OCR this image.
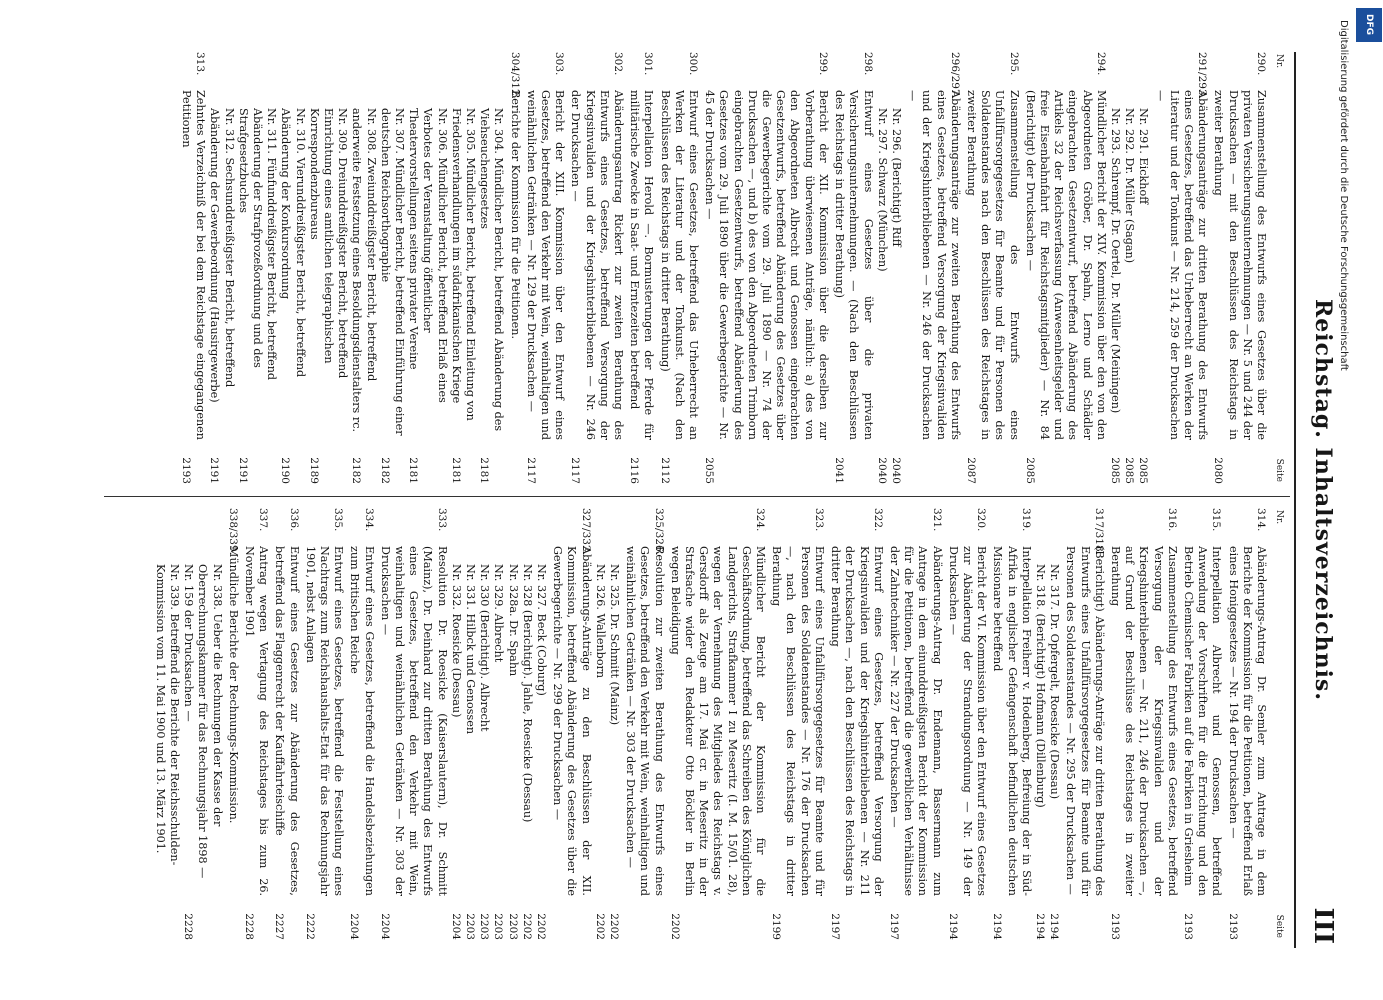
Reichstag. Inhaltsverzeichnis.
III
Nr.
Seite
290.
Zusammenstellung des Entwurfs eines Gesetzes über die privaten Versicherungsunternehmungen — Nr. 5 und 244 der Drucksachen — mit den Beschlüssen des Reichstags in zweiter Berathung
2080
291/293.
Abänderungsanträge zur dritten Berathung des Entwurfs eines Gesetzes, betreffend das Urheberrecht an Werken der Literatur und der Tonkunst — Nr. 214, 259 der Drucksachen —
Nr. 291. Eickhoff
2085
Nr. 292. Dr. Müller (Sagan)
2085
Nr. 293. Schrempf, Dr. Oertel, Dr. Müller (Meiningen)
2085
294.
Mündlicher Bericht der XIV. Kommission über den von den Abgeordneten Gröber, Dr. Spahn, Lerno und Schädler eingebrachten Gesetzentwurf, betreffend Abänderung des Artikels 32 der Reichsverfassung (Anwesenheitsgelder und freie Eisenbahnfahrt für Reichstagsmitglieder) — Nr. 84 (Berichtigt) der Drucksachen —
2085
295.
Zusammenstellung des Entwurfs eines Unfallfürsorgegesetzes für Beamte und für Personen des Soldatenstandes nach den Beschlüssen des Reichstages in zweiter Berathung
2087
296/297.
Abänderungsanträge zur zweiten Berathung des Entwurfs eines Gesetzes, betreffend Versorgung der Kriegsinvaliden und der Kriegshinterbliebenen — Nr. 246 der Drucksachen —
Nr. 296. (Berichtigt) Riff
2040
Nr. 297. Schwarz (München)
2040
298.
Entwurf eines Gesetzes über die privaten Versicherungsunternehmungen. — (Nach den Beschlüssen des Reichstags in dritter Berathung)
2041
299.
Bericht der XII. Kommission über die derselben zur Vorberathung überwiesenen Anträge, nämlich: a) des von den Abgeordneten Albrecht und Genossen eingebrachten Gesetzentwurfs, betreffend Abänderung des Gesetzes über die Gewerbegerichte vom 29. Juli 1890 — Nr. 74 der Drucksachen —, und b) des von den Abgeordneten Trimborn eingebrachten Gesetzentwurfs, betreffend Abänderung des Gesetzes vom 29. Juli 1890 über die Gewerbegerichte — Nr. 45 der Drucksachen —
2055
300.
Entwurf eines Gesetzes, betreffend das Urheberrecht an Werken der Literatur und der Tonkunst. (Nach den Beschlüssen des Reichstags in dritter Berathung)
2112
301.
Interpellation Herold —. Bormusterungen der Pferde für militärische Zwecke in Saat- und Erntezeiten betreffend
2116
302.
Abänderungsantrag Rickert zur zweiten Berathung des Entwurfs eines Gesetzes, betreffend Versorgung der Kriegsinvaliden und der Kriegshinterbliebenen — Nr. 246 der Drucksachen —
2117
303.
Bericht der XIII. Kommission über den Entwurf eines Gesetzes, betreffend den Verkehr mit Wein, weinhaltigen und weinähnlichen Getränken — Nr. 129 der Drucksachen —
2117
304/312.
Berichte der Kommission für die Petitionen.
Nr. 304. Mündlicher Bericht, betreffend Abänderung des Viehseuchengesetzes
2181
Nr. 305. Mündlicher Bericht, betreffend Einleitung von Friedensverhandlungen im südafrikanischen Kriege
2181
Nr. 306. Mündlicher Bericht, betreffend Erlaß eines Verbotes der Veranstaltung öffentlicher Theatervorstellungen seitens privater Vereine
2181
Nr. 307. Mündlicher Bericht, betreffend Einführung einer deutschen Reichsorthographie
2182
Nr. 308. Zweiunddreißigster Bericht, betreffend anderweite Festsetzung eines Besoldungsdienstalters rc.
2182
Nr. 309. Dreiunddreißigster Bericht, betreffend Einrichtung eines amtlichen telegraphischen Korrespondenzbureaus
2189
Nr. 310. Vierunddreißigster Bericht, betreffend Abänderung der Konkursordnung
2190
Nr. 311. Fünfunddreißigster Bericht, betreffend Abänderung der Strafprozeßordnung und des Strafgesetzbuches
2191
Nr. 312. Sechsunddreißigster Bericht, betreffend Abänderung der Gewerbeordnung (Hausirgewerbe)
2191
313.
Zehntes Verzeichniß der bei dem Reichstage eingegangenen Petitionen
2193
Nr.
Seite
314.
Abänderungs-Antrag Dr. Semler zum Antrage in dem Berichte der Kommission für die Petitionen, betreffend Erlaß eines Honiggesetzes — Nr. 194 der Drucksachen —
2193
315.
Interpellation Albrecht und Genossen, betreffend Anwendung der Vorschriften für die Errichtung und den Betrieb Chemischer Fabriken auf die Fabriken in Griesheim
2193
316.
Zusammenstellung des Entwurfs eines Gesetzes, betreffend Versorgung der Kriegsinvaliden und der Kriegshinterbliebenen — Nr. 211, 246 der Drucksachen —, auf Grund der Beschlüsse des Reichstages in zweiter Berathung
2193
317/318.
(Berichtigt) Abänderungs-Anträge zur dritten Berathung des Entwurfs eines Unfallfürsorgegesetzes für Beamte und für Personen des Soldatenstandes — Nr. 295 der Drucksachen —
Nr. 317. Dr. Opfergelt, Roesicke (Dessau)
2194
Nr. 318. (Berichtigt) Hofmann (Dillenburg)
2194
319.
Interpellation Freiherr v. Hodenberg, Befreiung der in Süd-Afrika in englischer Gefangenschaft befindlichen deutschen Missionare betreffend
2194
320.
Bericht der VI. Kommission über den Entwurf eines Gesetzes zur Abänderung der Strandungsordnung — Nr. 149 der Drucksachen —
2194
321.
Abänderungs-Antrag Dr. Endemann, Bassermann zum Antrage in dem einunddreißigsten Bericht der Kommission für die Petitionen, betreffend die gewerblichen Verhältnisse der Zahntechniker — Nr. 227 der Drucksachen —
2197
322.
Entwurf eines Gesetzes, betreffend Versorgung der Kriegsinvaliden und der Kriegshinterbliebenen — Nr. 211 der Drucksachen —, nach den Beschlüssen des Reichstags in dritter Berathung
2197
323.
Entwurf eines Unfallfürsorgegesetzes für Beamte und für Personen des Soldatenstandes — Nr. 176 der Drucksachen —, nach den Beschlüssen des Reichstags in dritter Berathung
2199
324.
Mündlicher Bericht der Kommission für die Geschäftsordnung, betreffend das Schreiben des Königlichen Landgerichts, Strafkammer I zu Meseritz (I. M. 15/01. 28), wegen der Vernehmung des Mitgliedes des Reichstags v. Gersdorff als Zeuge am 17. Mai cr. in Meseritz in der Strafsache wider den Redakteur Otto Böckler in Berlin wegen Beleidigung
2202
325/326.
Resolution zur zweiten Berathung des Entwurfs eines Gesetzes, betreffend den Verkehr mit Wein, weinhaltigen und weinähnlichen Getränken — Nr. 303 der Drucksachen —
Nr. 325. Dr. Schmitt (Mainz)
2202
Nr. 326. Wallenborn
2202
327/332.
Abänderungs-Anträge zu den Beschlüssen der XII. Kommission, betreffend Abänderung des Gesetzes über die Gewerbegerichte — Nr. 299 der Drucksachen —
Nr. 327. Beck (Coburg)
2202
Nr. 328 (Berichtigt). Jahle, Roesicke (Dessau)
2202
Nr. 328a. Dr. Spahn
2203
Nr. 329. Albrecht
2203
Nr. 330 (Berichtigt). Albrecht
2203
Nr. 331. Hilbck und Genossen
2203
Nr. 332. Roesicke (Dessau)
2204
333.
Resolution Dr. Roesicke (Kaiserslautern), Dr. Schmitt (Mainz), Dr. Deinhard zur dritten Berathung des Entwurfs eines Gesetzes, betreffend den Verkehr mit Wein, weinhaltigen und weinähnlichen Getränken — Nr. 303 der Drucksachen —
2204
334.
Entwurf eines Gesetzes, betreffend die Handelsbeziehungen zum Britischen Reiche
2204
335.
Entwurf eines Gesetzes, betreffend die Feststellung eines Nachtrags zum Reichshaushalts-Etat für das Rechnungsjahr 1901, nebst Anlagen
2222
336.
Entwurf eines Gesetzes zur Abänderung des Gesetzes, betreffend das Flaggenrecht der Kauffahrteischiffe
2227
337.
Antrag wegen Vertagung des Reichstages bis zum 26. November 1901
2228
338/339.
Mündliche Berichte der Rechnungs-Kommission.
Nr. 338. Ueber die Rechnungen der Kasse der Oberrechnungskammer für das Rechnungsjahr 1898 — Nr. 159 der Drucksachen —
2228
Nr. 339. Betreffend die Berichte der Reichsschulden-Kommission vom 11. Mai 1900 und 13. März 1901.
DFG
Digitalisierung gefördert durch die Deutsche Forschungsgemeinschaft
